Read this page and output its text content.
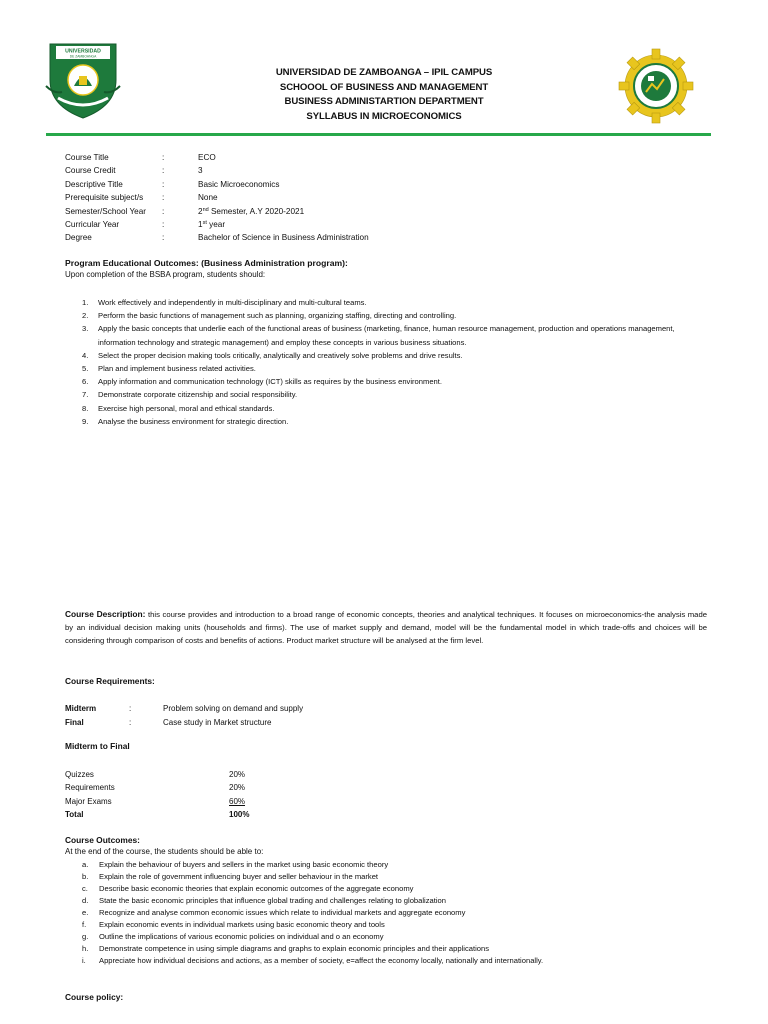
UNIVERSIDAD
DE ZAMBOANGA
UNIVERSIDAD DE ZAMBOANGA – IPIL CAMPUS
SCHOOOL OF BUSINESS AND MANAGEMENT
BUSINESS ADMINISTARTION DEPARTMENT
SYLLABUS IN MICROECONOMICS
Course Title	:	ECO
Course Credit	:	3
Descriptive Title	:	Basic Microeconomics
Prerequisite subject/s	:	None
Semester/School Year	:	2nd Semester, A.Y 2020-2021
Curricular Year	:	1st year
Degree	:	Bachelor of Science in Business Administration
Program Educational Outcomes: (Business Administration program):
Upon completion of the BSBA program, students should:
1.	Work effectively and independently in multi-disciplinary and multi-cultural teams.
2.	Perform the basic functions of management such as planning, organizing staffing, directing and controlling.
3.	Apply the basic concepts that underlie each of the functional areas of business (marketing, finance, human resource management, production and operations management, information technology and strategic management) and employ these concepts in various business situations.
4.	Select the proper decision making tools critically, analytically and creatively solve problems and drive results.
5.	Plan and implement business related activities.
6.	Apply information and communication technology (ICT) skills as requires by the business environment.
7.	Demonstrate corporate citizenship and social responsibility.
8.	Exercise high personal, moral and ethical standards.
9.	Analyse the business environment for strategic direction.
Course Description: this course provides and introduction to a broad range of economic concepts, theories and analytical techniques. It focuses on microeconomics-the analysis made by an individual decision making units (households and firms). The use of market supply and demand, model will be the fundamental model in which trade-offs and choices will be considering through comparison of costs and benefits of actions. Product market structure will be analysed at the firm level.
Course Requirements:
Midterm	:	Problem solving on demand and supply
Final	:	Case study in Market structure
Midterm to Final
Quizzes	20%
Requirements	20%
Major Exams	60%
Total	100%
Course Outcomes:
At the end of the course, the students should be able to:
a.	Explain the behaviour of buyers and sellers in the market using basic economic theory
b.	Explain the role of government influencing buyer and seller behaviour in the market
c.	Describe basic economic theories that explain economic outcomes of the aggregate economy
d.	State the basic economic principles that influence global trading and challenges relating to globalization
e.	Recognize and analyse common economic issues which relate to individual markets and aggregate economy
f.	Explain economic events in individual markets using basic economic theory and tools
g.	Outline the implications of various economic policies on individual and o an economy
h.	Demonstrate competence in using simple diagrams and graphs to explain economic principles and their applications
i.	Appreciate how individual decisions and actions, as a member of society, e=affect the economy locally, nationally and internationally.
Course policy:
